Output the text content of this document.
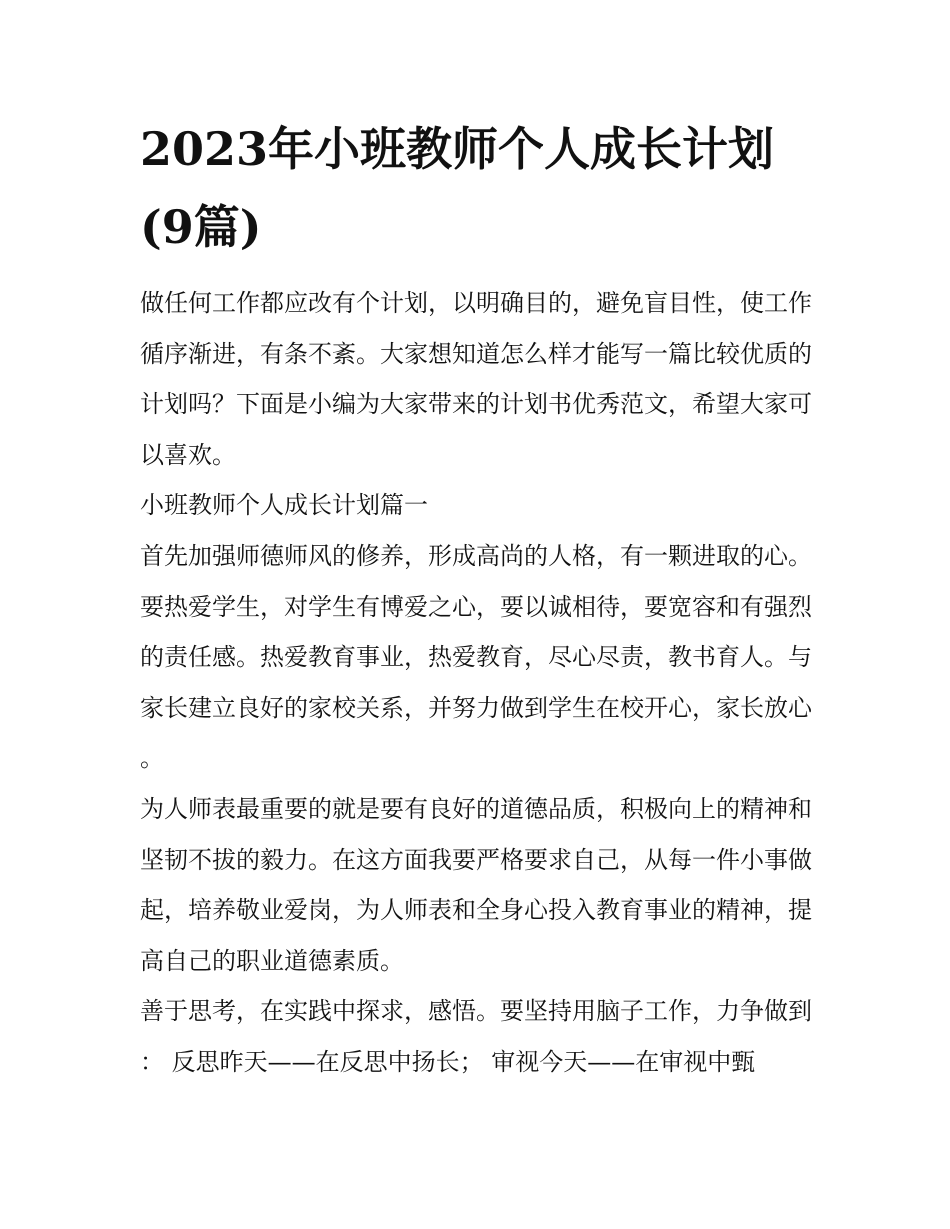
2023年小班教师个人成长计划(9篇)

做任何工作都应改有个计划，以明确目的，避免盲目性，使工作循序渐进，有条不紊。大家想知道怎么样才能写一篇比较优质的计划吗？下面是小编为大家带来的计划书优秀范文，希望大家可以喜欢。

小班教师个人成长计划篇一

首先加强师德师风的修养，形成高尚的人格，有一颗进取的心。要热爱学生，对学生有博爱之心，要以诚相待，要宽容和有强烈的责任感。热爱教育事业，热爱教育，尽心尽责，教书育人。与家长建立良好的家校关系，并努力做到学生在校开心，家长放心。

为人师表最重要的就是要有良好的道德品质，积极向上的精神和坚韧不拔的毅力。在这方面我要严格要求自己，从每一件小事做起，培养敬业爱岗，为人师表和全身心投入教育事业的精神，提高自己的职业道德素质。

善于思考，在实践中探求，感悟。要坚持用脑子工作，力争做到： 反思昨天——在反思中扬长； 审视今天——在审视中甄
